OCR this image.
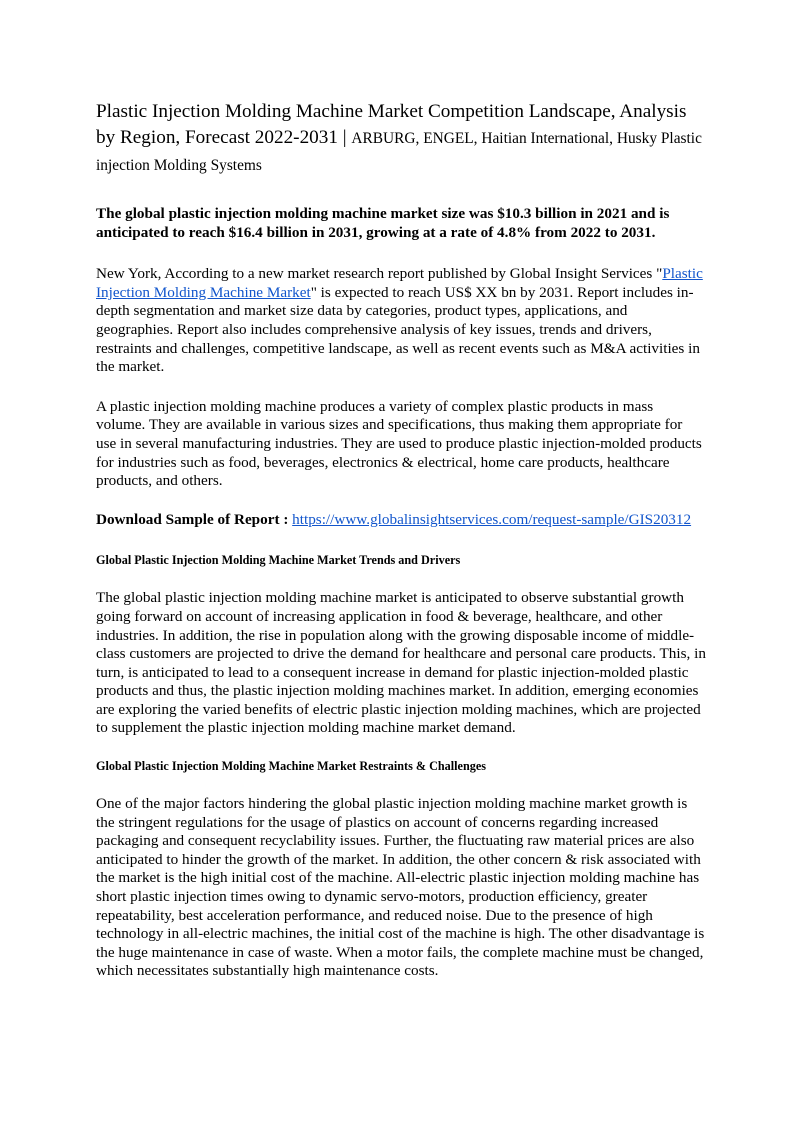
Plastic Injection Molding Machine Market Competition Landscape, Analysis by Region, Forecast 2022-2031 | ARBURG, ENGEL, Haitian International, Husky Plastic injection Molding Systems

The global plastic injection molding machine market size was $10.3 billion in 2021 and is anticipated to reach $16.4 billion in 2031, growing at a rate of 4.8% from 2022 to 2031.

New York, According to a new market research report published by Global Insight Services "Plastic Injection Molding Machine Market" is expected to reach US$ XX bn by 2031. Report includes in-depth segmentation and market size data by categories, product types, applications, and geographies. Report also includes comprehensive analysis of key issues, trends and drivers, restraints and challenges, competitive landscape, as well as recent events such as M&A activities in the market.

A plastic injection molding machine produces a variety of complex plastic products in mass volume. They are available in various sizes and specifications, thus making them appropriate for use in several manufacturing industries. They are used to produce plastic injection-molded products for industries such as food, beverages, electronics & electrical, home care products, healthcare products, and others.

Download Sample of Report : https://www.globalinsightservices.com/request-sample/GIS20312

Global Plastic Injection Molding Machine Market Trends and Drivers

The global plastic injection molding machine market is anticipated to observe substantial growth going forward on account of increasing application in food & beverage, healthcare, and other industries. In addition, the rise in population along with the growing disposable income of middle-class customers are projected to drive the demand for healthcare and personal care products. This, in turn, is anticipated to lead to a consequent increase in demand for plastic injection-molded plastic products and thus, the plastic injection molding machines market. In addition, emerging economies are exploring the varied benefits of electric plastic injection molding machines, which are projected to supplement the plastic injection molding machine market demand.

Global Plastic Injection Molding Machine Market Restraints & Challenges

One of the major factors hindering the global plastic injection molding machine market growth is the stringent regulations for the usage of plastics on account of concerns regarding increased packaging and consequent recyclability issues. Further, the fluctuating raw material prices are also anticipated to hinder the growth of the market. In addition, the other concern & risk associated with the market is the high initial cost of the machine. All-electric plastic injection molding machine has short plastic injection times owing to dynamic servo-motors, production efficiency, greater repeatability, best acceleration performance, and reduced noise. Due to the presence of high technology in all-electric machines, the initial cost of the machine is high. The other disadvantage is the huge maintenance in case of waste. When a motor fails, the complete machine must be changed, which necessitates substantially high maintenance costs.
